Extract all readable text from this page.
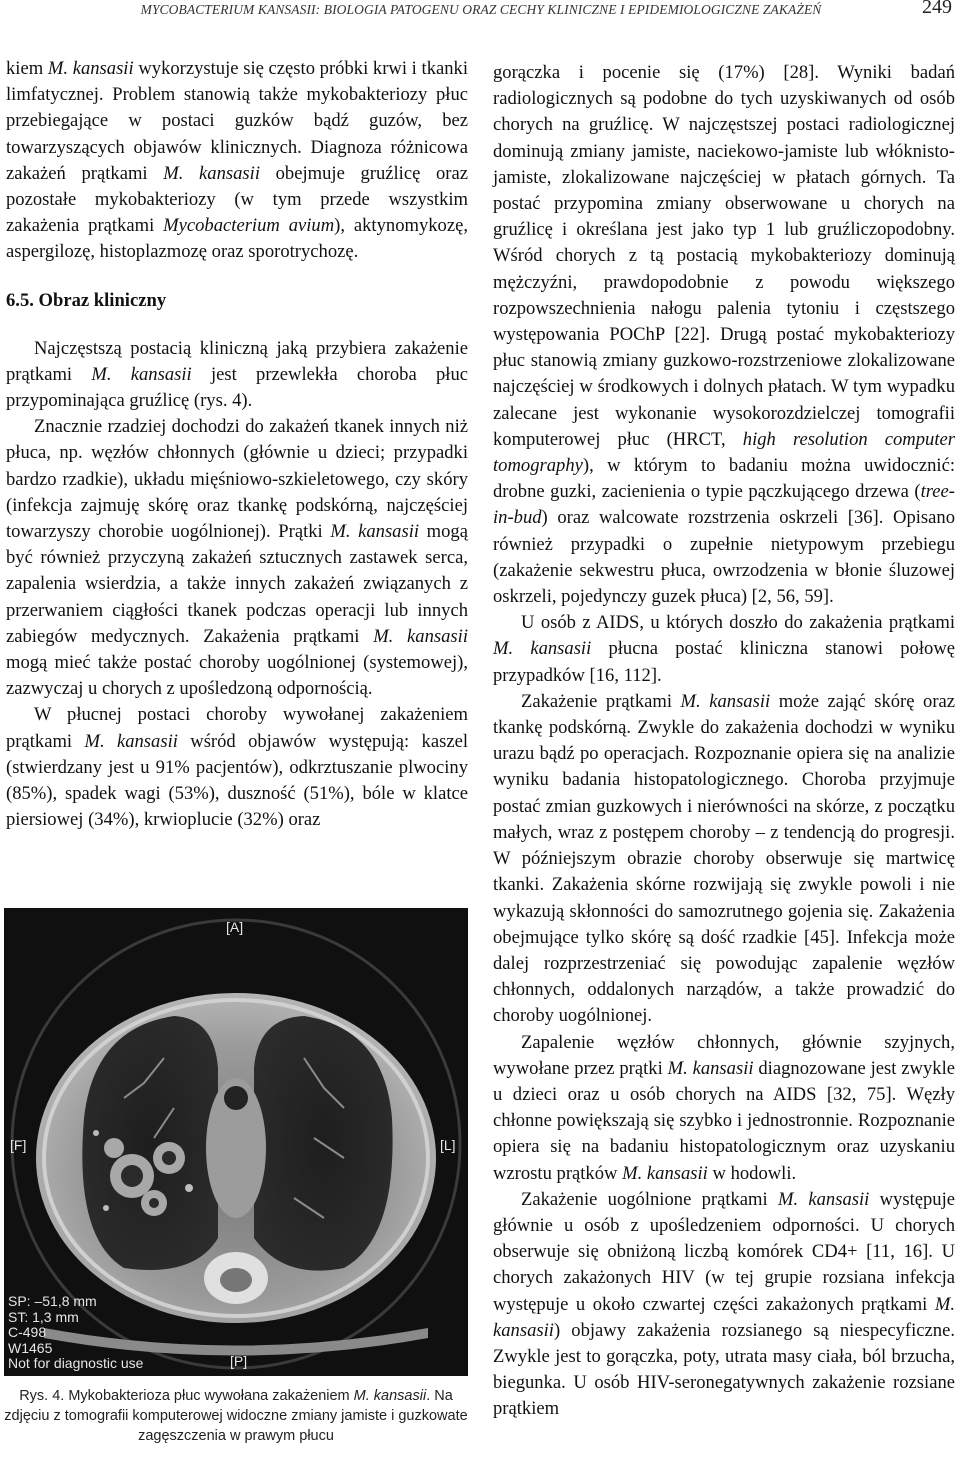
MYCOBACTERIUM KANSASII: BIOLOGIA PATOGENU ORAZ CECHY KLINICZNE I EPIDEMIOLOGICZNE ZAKAŻEŃ	249

kiem M. kansasii wykorzystuje się często próbki krwi i tkanki limfatycznej. Problem stanowią także mykobakteriozy płuc przebiegające w postaci guzków bądź guzów, bez towarzyszących objawów klinicznych. Diagnoza różnicowa zakażeń prątkami M. kansasii obejmuje gruźlicę oraz pozostałe mykobakteriozy (w tym przede wszystkim zakażenia prątkami Mycobacterium avium), aktynomykozę, aspergilozę, histoplazmozę oraz sporotrychozę.

6.5. Obraz kliniczny

Najczęstszą postacią kliniczną jaką przybiera zakażenie prątkami M. kansasii jest przewlekła choroba płuc przypominająca gruźlicę (rys. 4).

Znacznie rzadziej dochodzi do zakażeń tkanek innych niż płuca, np. węzłów chłonnych (głównie u dzieci; przypadki bardzo rzadkie), układu mięśniowo-szkieletowego, czy skóry (infekcja zajmuję skórę oraz tkankę podskórną, najczęściej towarzyszy chorobie uogólnionej). Prątki M. kansasii mogą być również przyczyną zakażeń sztucznych zastawek serca, zapalenia wsierdzia, a także innych zakażeń związanych z przerwaniem ciągłości tkanek podczas operacji lub innych zabiegów medycznych. Zakażenia prątkami M. kansasii mogą mieć także postać choroby uogólnionej (systemowej), zazwyczaj u chorych z upośledzoną odpornością.

W płucnej postaci choroby wywołanej zakażeniem prątkami M. kansasii wśród objawów występują: kaszel (stwierdzany jest u 91% pacjentów), odkrztuszanie plwociny (85%), spadek wagi (53%), duszność (51%), bóle w klatce piersiowej (34%), krwioplucie (32%) oraz

[A]
[F]	[L]
[P]
SP: –51,8 mm
ST: 1,3 mm
C-498
W1465
Not for diagnostic use
Rys. 4. Mykobakterioza płuc wywołana zakażeniem M. kansasii. Na zdjęciu z tomografii komputerowej widoczne zmiany jamiste i guzkowate zagęszczenia w prawym płucu

gorączka i pocenie się (17%) [28]. Wyniki badań radiologicznych są podobne do tych uzyskiwanych od osób chorych na gruźlicę. W najczęstszej postaci radiologicznej dominują zmiany jamiste, naciekowo-jamiste lub włóknisto-jamiste, zlokalizowane najczęściej w płatach górnych. Ta postać przypomina zmiany obserwowane u chorych na gruźlicę i określana jest jako typ 1 lub gruźliczopodobny. Wśród chorych z tą postacią mykobakteriozy dominują mężczyźni, prawdopodobnie z powodu większego rozpowszechnienia nałogu palenia tytoniu i częstszego występowania POChP [22]. Drugą postać mykobakteriozy płuc stanowią zmiany guzkowo-rozstrzeniowe zlokalizowane najczęściej w środkowych i dolnych płatach. W tym wypadku zalecane jest wykonanie wysokorozdzielczej tomografii komputerowej płuc (HRCT, high resolution computer tomography), w którym to badaniu można uwidocznić: drobne guzki, zacienienia o typie pączkującego drzewa (tree-in-bud) oraz walcowate rozstrzenia oskrzeli [36]. Opisano również przypadki o zupełnie nietypowym przebiegu (zakażenie sekwestru płuca, owrzodzenia w błonie śluzowej oskrzeli, pojedynczy guzek płuca) [2, 56, 59].

U osób z AIDS, u których doszło do zakażenia prątkami M. kansasii płucna postać kliniczna stanowi połowę przypadków [16, 112].

Zakażenie prątkami M. kansasii może zająć skórę oraz tkankę podskórną. Zwykle do zakażenia dochodzi w wyniku urazu bądź po operacjach. Rozpoznanie opiera się na analizie wyniku badania histopatologicznego. Choroba przyjmuje postać zmian guzkowych i nierówności na skórze, z początku małych, wraz z postępem choroby – z tendencją do progresji. W późniejszym obrazie choroby obserwuje się martwicę tkanki. Zakażenia skórne rozwijają się zwykle powoli i nie wykazują skłonności do samozrutnego gojenia się. Zakażenia obejmujące tylko skórę są dość rzadkie [45]. Infekcja może dalej rozprzestrzeniać się powodując zapalenie węzłów chłonnych, oddalonych narządów, a także prowadzić do choroby uogólnionej.

Zapalenie węzłów chłonnych, głównie szyjnych, wywołane przez prątki M. kansasii diagnozowane jest zwykle u dzieci oraz u osób chorych na AIDS [32, 75]. Węzły chłonne powiększają się szybko i jednostronnie. Rozpoznanie opiera się na badaniu histopatologicznym oraz uzyskaniu wzrostu prątków M. kansasii w hodowli.

Zakażenie uogólnione prątkami M. kansasii występuje głównie u osób z upośledzeniem odporności. U chorych obserwuje się obniżoną liczbą komórek CD4+ [11, 16]. U chorych zakażonych HIV (w tej grupie rozsiana infekcja występuje u około czwartej części zakażonych prątkami M. kansasii) objawy zakażenia rozsianego są niespecyficzne. Zwykle jest to gorączka, poty, utrata masy ciała, ból brzucha, biegunka. U osób HIV-seronegatywnych zakażenie rozsiane prątkiem
